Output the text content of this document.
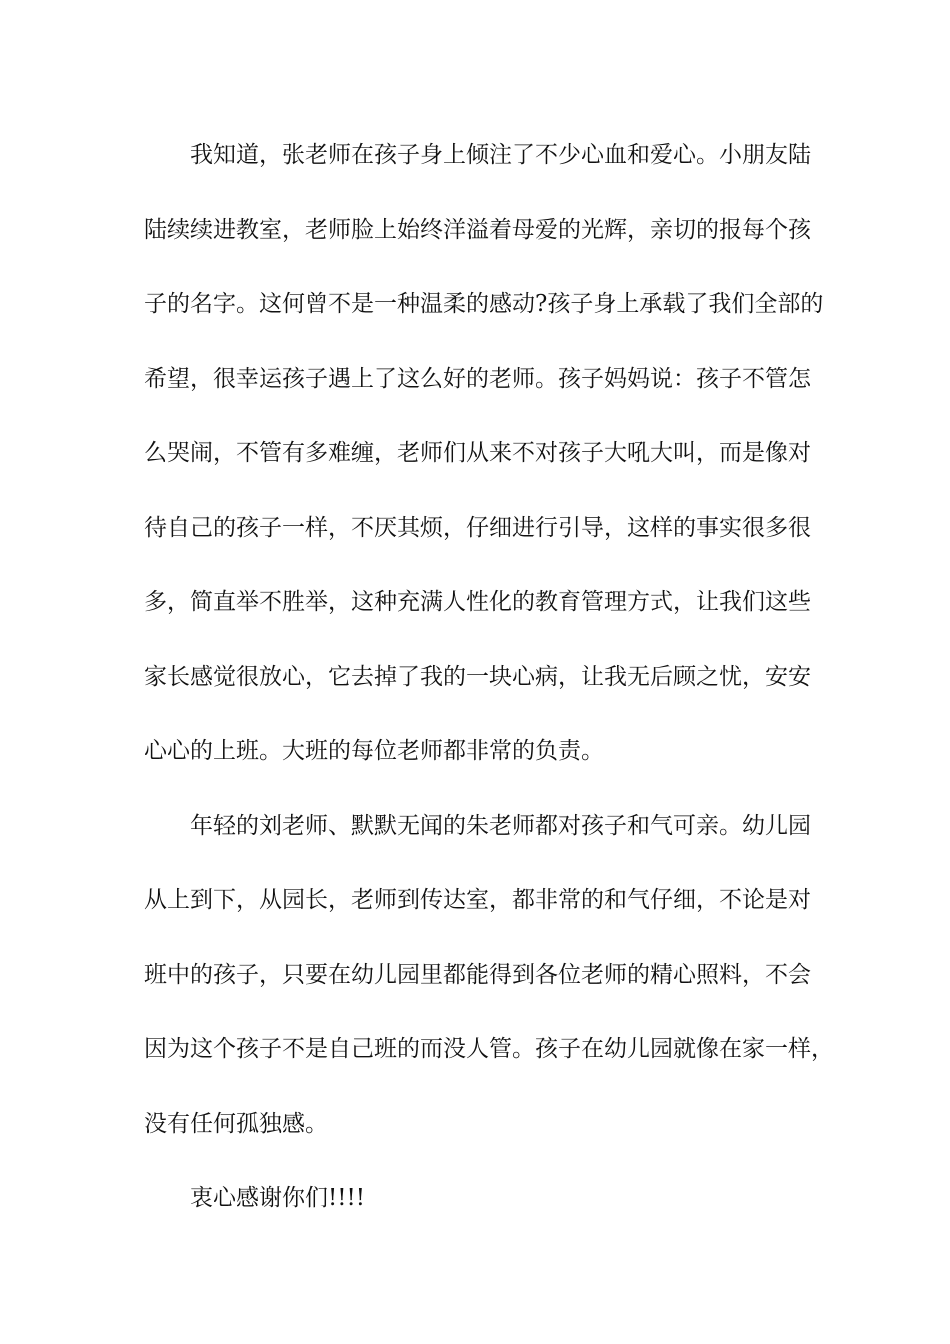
我知道，张老师在孩子身上倾注了不少心血和爱心。小朋友陆
陆续续进教室，老师脸上始终洋溢着母爱的光辉，亲切的报每个孩
子的名字。这何曾不是一种温柔的感动?孩子身上承载了我们全部的
希望，很幸运孩子遇上了这么好的老师。孩子妈妈说：孩子不管怎
么哭闹，不管有多难缠，老师们从来不对孩子大吼大叫，而是像对
待自己的孩子一样，不厌其烦，仔细进行引导，这样的事实很多很
多，简直举不胜举，这种充满人性化的教育管理方式，让我们这些
家长感觉很放心，它去掉了我的一块心病，让我无后顾之忧，安安
心心的上班。大班的每位老师都非常的负责。
年轻的刘老师、默默无闻的朱老师都对孩子和气可亲。幼儿园
从上到下，从园长，老师到传达室，都非常的和气仔细，不论是对
班中的孩子，只要在幼儿园里都能得到各位老师的精心照料，不会
因为这个孩子不是自己班的而没人管。孩子在幼儿园就像在家一样，
没有任何孤独感。
衷心感谢你们!!!!
